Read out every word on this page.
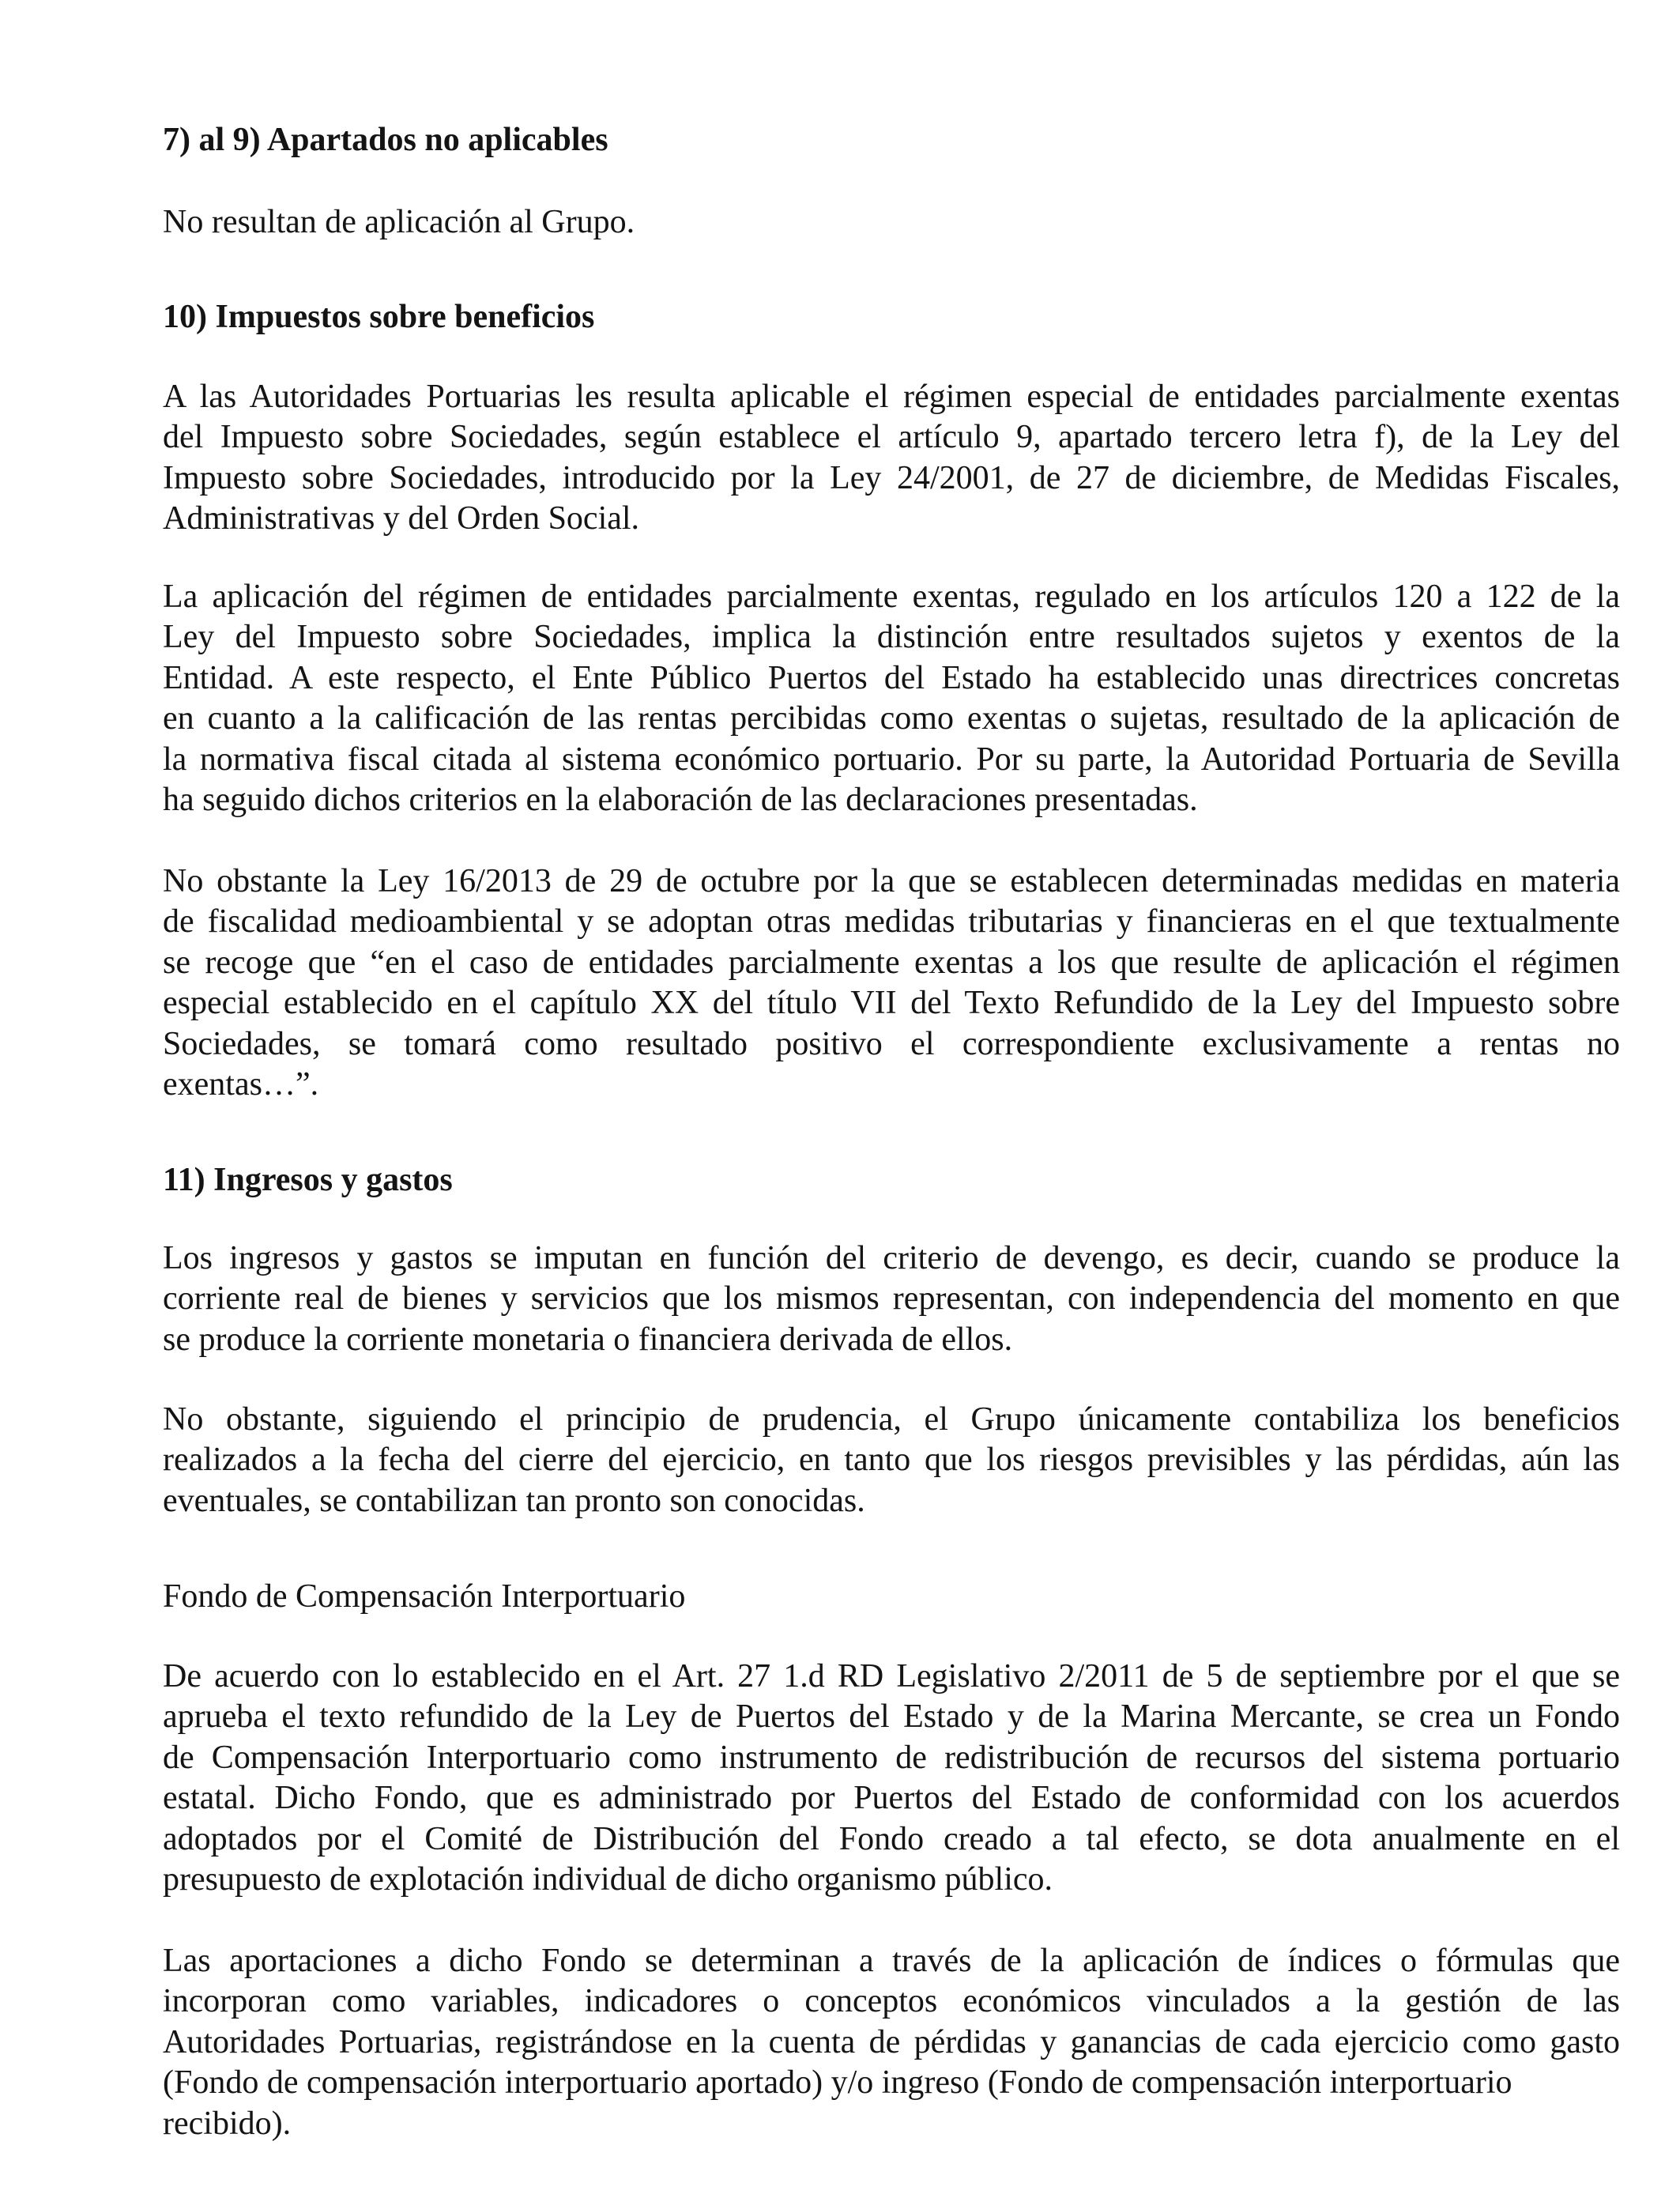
7) al 9) Apartados no aplicables

No resultan de aplicación al Grupo.

10) Impuestos sobre beneficios
A las Autoridades Portuarias les resulta aplicable el régimen especial de entidades parcialmente exentas
del Impuesto sobre Sociedades, según establece el artículo 9, apartado tercero letra f), de la Ley del
Impuesto sobre Sociedades, introducido por la Ley 24/2001, de 27 de diciembre, de Medidas Fiscales,
Administrativas y del Orden Social.
La aplicación del régimen de entidades parcialmente exentas, regulado en los artículos 120 a 122 de la
Ley del Impuesto sobre Sociedades, implica la distinción entre resultados sujetos y exentos de la
Entidad. A este respecto, el Ente Público Puertos del Estado ha establecido unas directrices concretas
en cuanto a la calificación de las rentas percibidas como exentas o sujetas, resultado de la aplicación de
la normativa fiscal citada al sistema económico portuario. Por su parte, la Autoridad Portuaria de Sevilla
ha seguido dichos criterios en la elaboración de las declaraciones presentadas.
No obstante la Ley 16/2013 de 29 de octubre por la que se establecen determinadas medidas en materia
de fiscalidad medioambiental y se adoptan otras medidas tributarias y financieras en el que textualmente
se recoge que “en el caso de entidades parcialmente exentas a los que resulte de aplicación el régimen
especial establecido en el capítulo XX del título VII del Texto Refundido de la Ley del Impuesto sobre
Sociedades, se tomará como resultado positivo el correspondiente exclusivamente a rentas no
exentas…”.
11) Ingresos y gastos
Los ingresos y gastos se imputan en función del criterio de devengo, es decir, cuando se produce la
corriente real de bienes y servicios que los mismos representan, con independencia del momento en que
se produce la corriente monetaria o financiera derivada de ellos.
No obstante, siguiendo el principio de prudencia, el Grupo únicamente contabiliza los beneficios
realizados a la fecha del cierre del ejercicio, en tanto que los riesgos previsibles y las pérdidas, aún las
eventuales, se contabilizan tan pronto son conocidas.

Fondo de Compensación Interportuario

De acuerdo con lo establecido en el Art. 27 1.d RD Legislativo 2/2011 de 5 de septiembre por el que se
aprueba el texto refundido de la Ley de Puertos del Estado y de la Marina Mercante, se crea un Fondo
de Compensación Interportuario como instrumento de redistribución de recursos del sistema portuario
estatal. Dicho Fondo, que es administrado por Puertos del Estado de conformidad con los acuerdos
adoptados por el Comité de Distribución del Fondo creado a tal efecto, se dota anualmente en el
presupuesto de explotación individual de dicho organismo público.
Las aportaciones a dicho Fondo se determinan a través de la aplicación de índices o fórmulas que
incorporan como variables, indicadores o conceptos económicos vinculados a la gestión de las
Autoridades Portuarias, registrándose en la cuenta de pérdidas y ganancias de cada ejercicio como gasto
(Fondo de compensación interportuario aportado) y/o ingreso (Fondo de compensación interportuario
recibido).
